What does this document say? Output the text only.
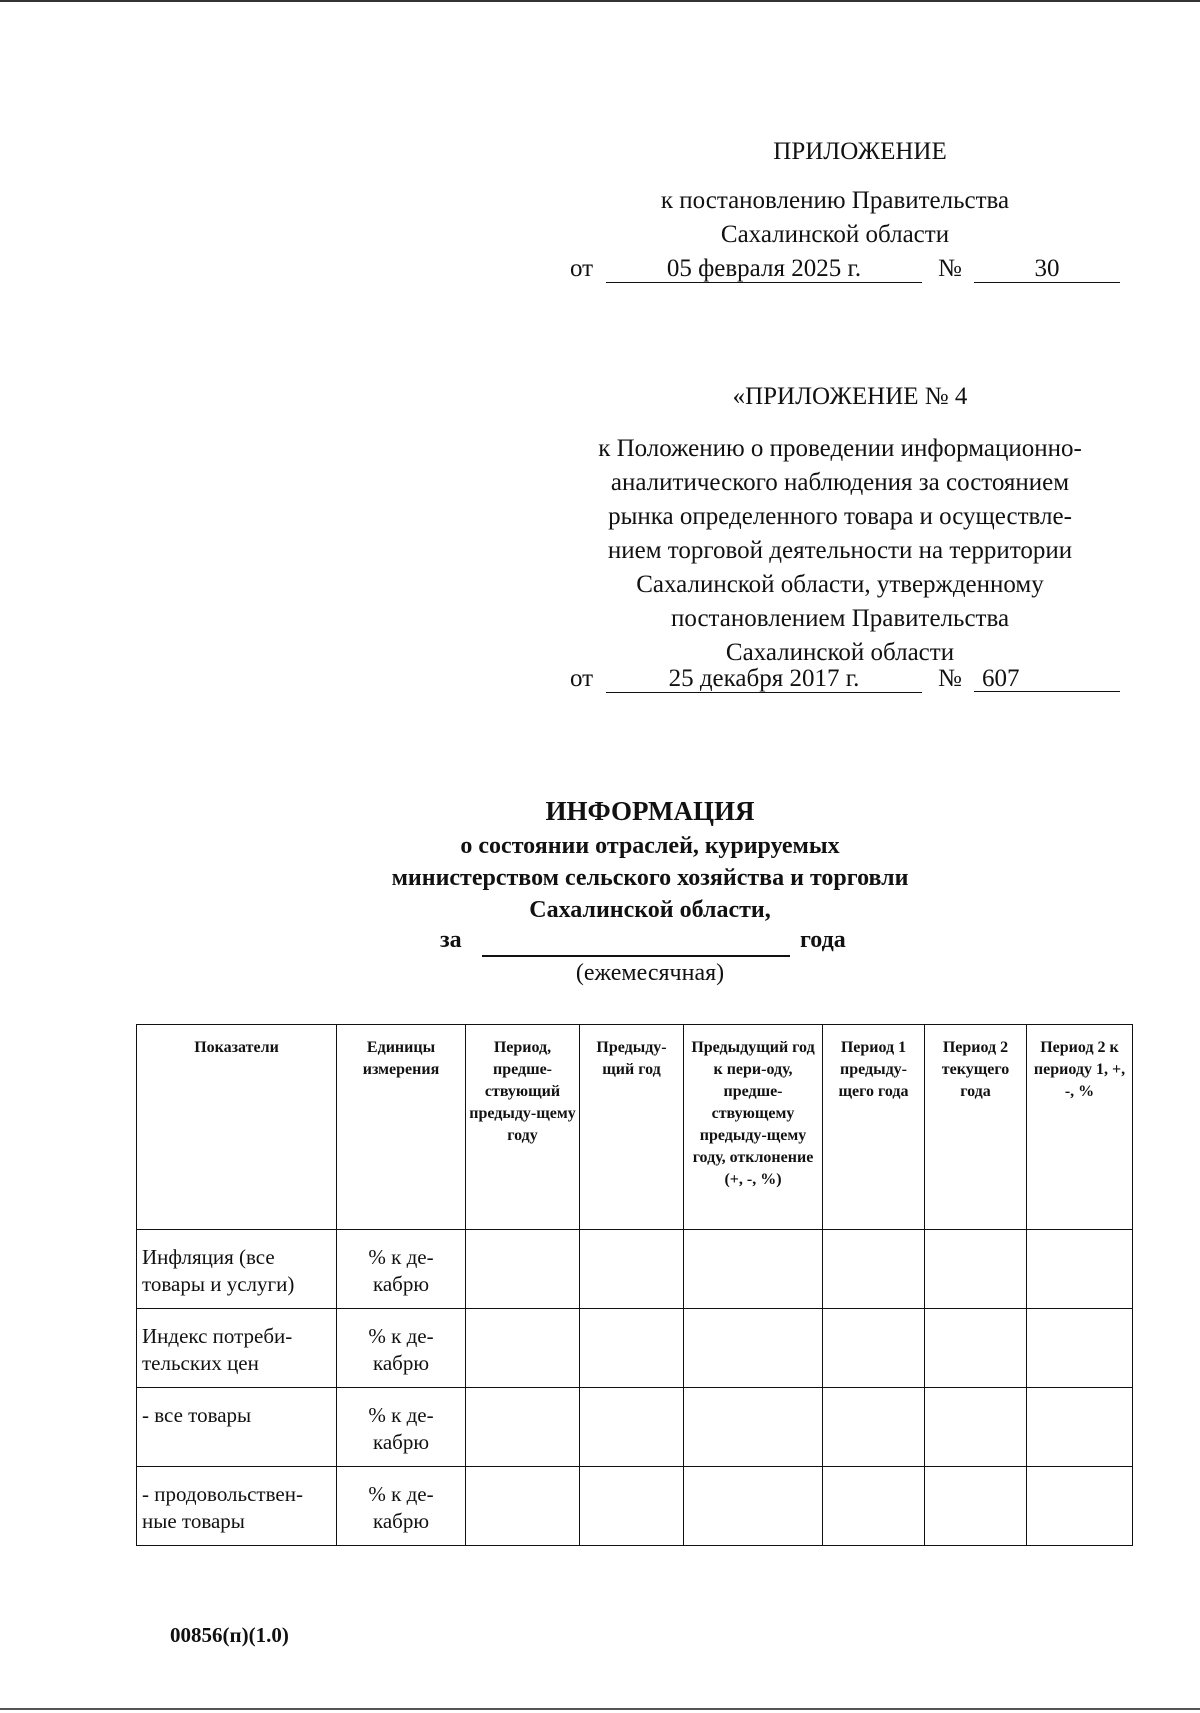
ПРИЛОЖЕНИЕ
к постановлению Правительства
Сахалинской области
от	05 февраля 2025 г.	№	30
«ПРИЛОЖЕНИЕ № 4
к Положению о проведении информационно-
аналитического наблюдения за состоянием
рынка определенного товара и осуществле-
нием торговой деятельности на территории
Сахалинской области, утвержденному
постановлением Правительства
Сахалинской области
от	25 декабря 2017 г.	№ 607
ИНФОРМАЦИЯ
о состоянии отраслей, курируемых
министерством сельского хозяйства и торговли
Сахалинской области,
за	года
(ежемесячная)
Показатели	Единицы измерения	Период, предше-ствующий предыду-щему году	Предыду-щий год	Предыдущий год к пери-оду, предше-ствующему предыду-щему году, отклонение (+, -, %)	Период 1 предыду-щего года	Период 2 текущего года	Период 2 к периоду 1, +, -, %
Инфляция (все товары и услуги)	% к де-кабрю						
Индекс потреби-тельских цен	% к де-кабрю						
- все товары	% к де-кабрю						
- продовольствен-ные товары	% к де-кабрю						
00856(п)(1.0)
